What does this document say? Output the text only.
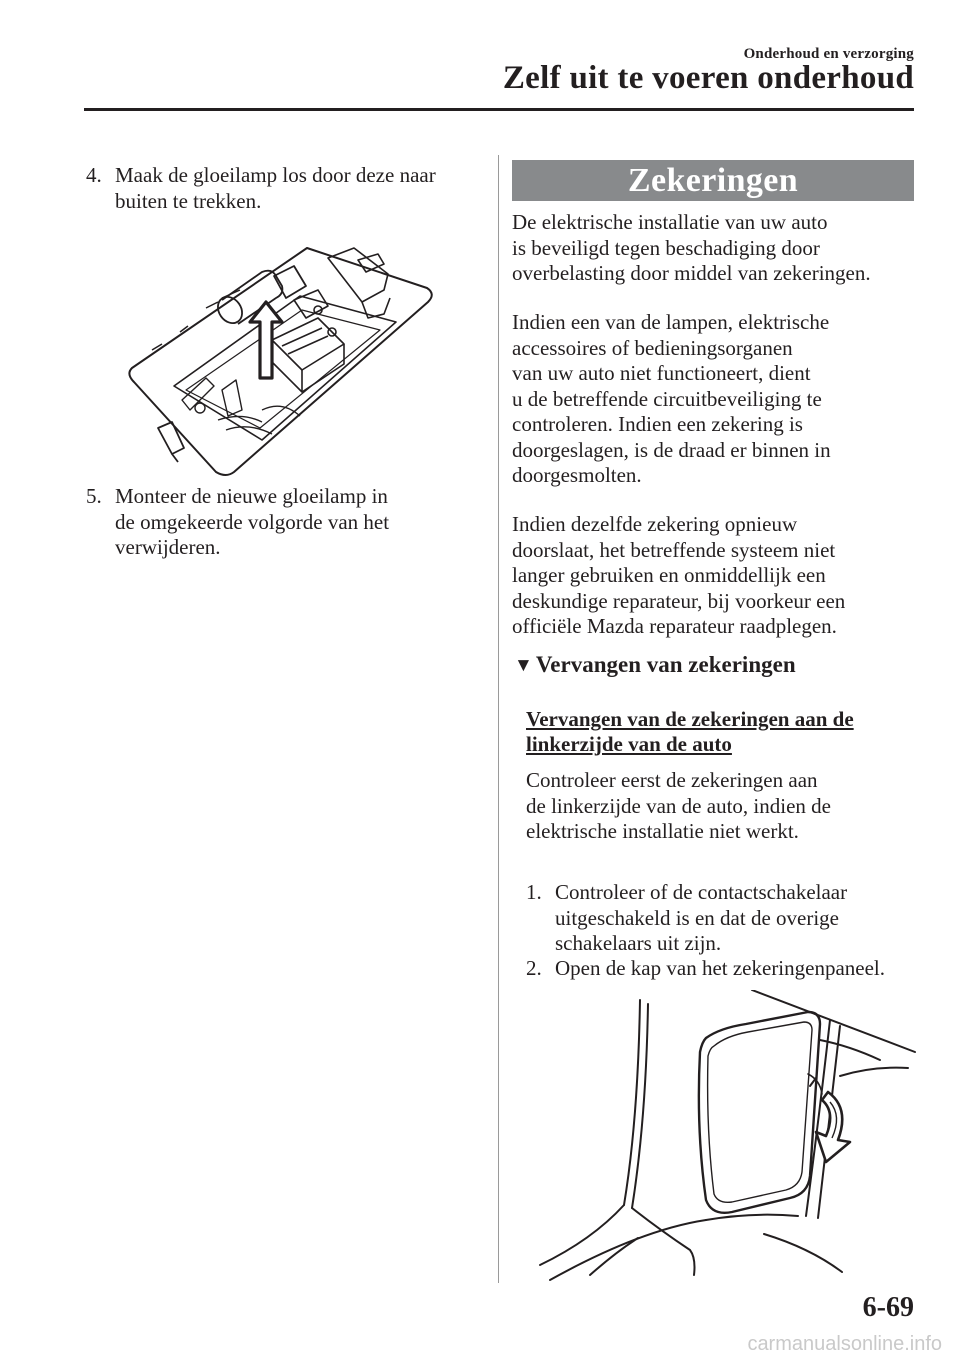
Onderhoud en verzorging
Zelf uit te voeren onderhoud
4. Maak de gloeilamp los door deze naar
buiten te trekken.
5. Monteer de nieuwe gloeilamp in
de omgekeerde volgorde van het
verwijderen.
Zekeringen
De elektrische installatie van uw auto
is beveiligd tegen beschadiging door
overbelasting door middel van zekeringen.
Indien een van de lampen, elektrische
accessoires of bedieningsorganen
van uw auto niet functioneert, dient
u de betreffende circuitbeveiliging te
controleren. Indien een zekering is
doorgeslagen, is de draad er binnen in
doorgesmolten.
Indien dezelfde zekering opnieuw
doorslaat, het betreffende systeem niet
langer gebruiken en onmiddellijk een
deskundige reparateur, bij voorkeur een
officiële Mazda reparateur raadplegen.
▼ Vervangen van zekeringen
Vervangen van de zekeringen aan de
linkerzijde van de auto
Controleer eerst de zekeringen aan
de linkerzijde van de auto, indien de
elektrische installatie niet werkt.
1. Controleer of de contactschakelaar
uitgeschakeld is en dat de overige
schakelaars uit zijn.
2. Open de kap van het zekeringenpaneel.
6-69
carmanualsonline.info
